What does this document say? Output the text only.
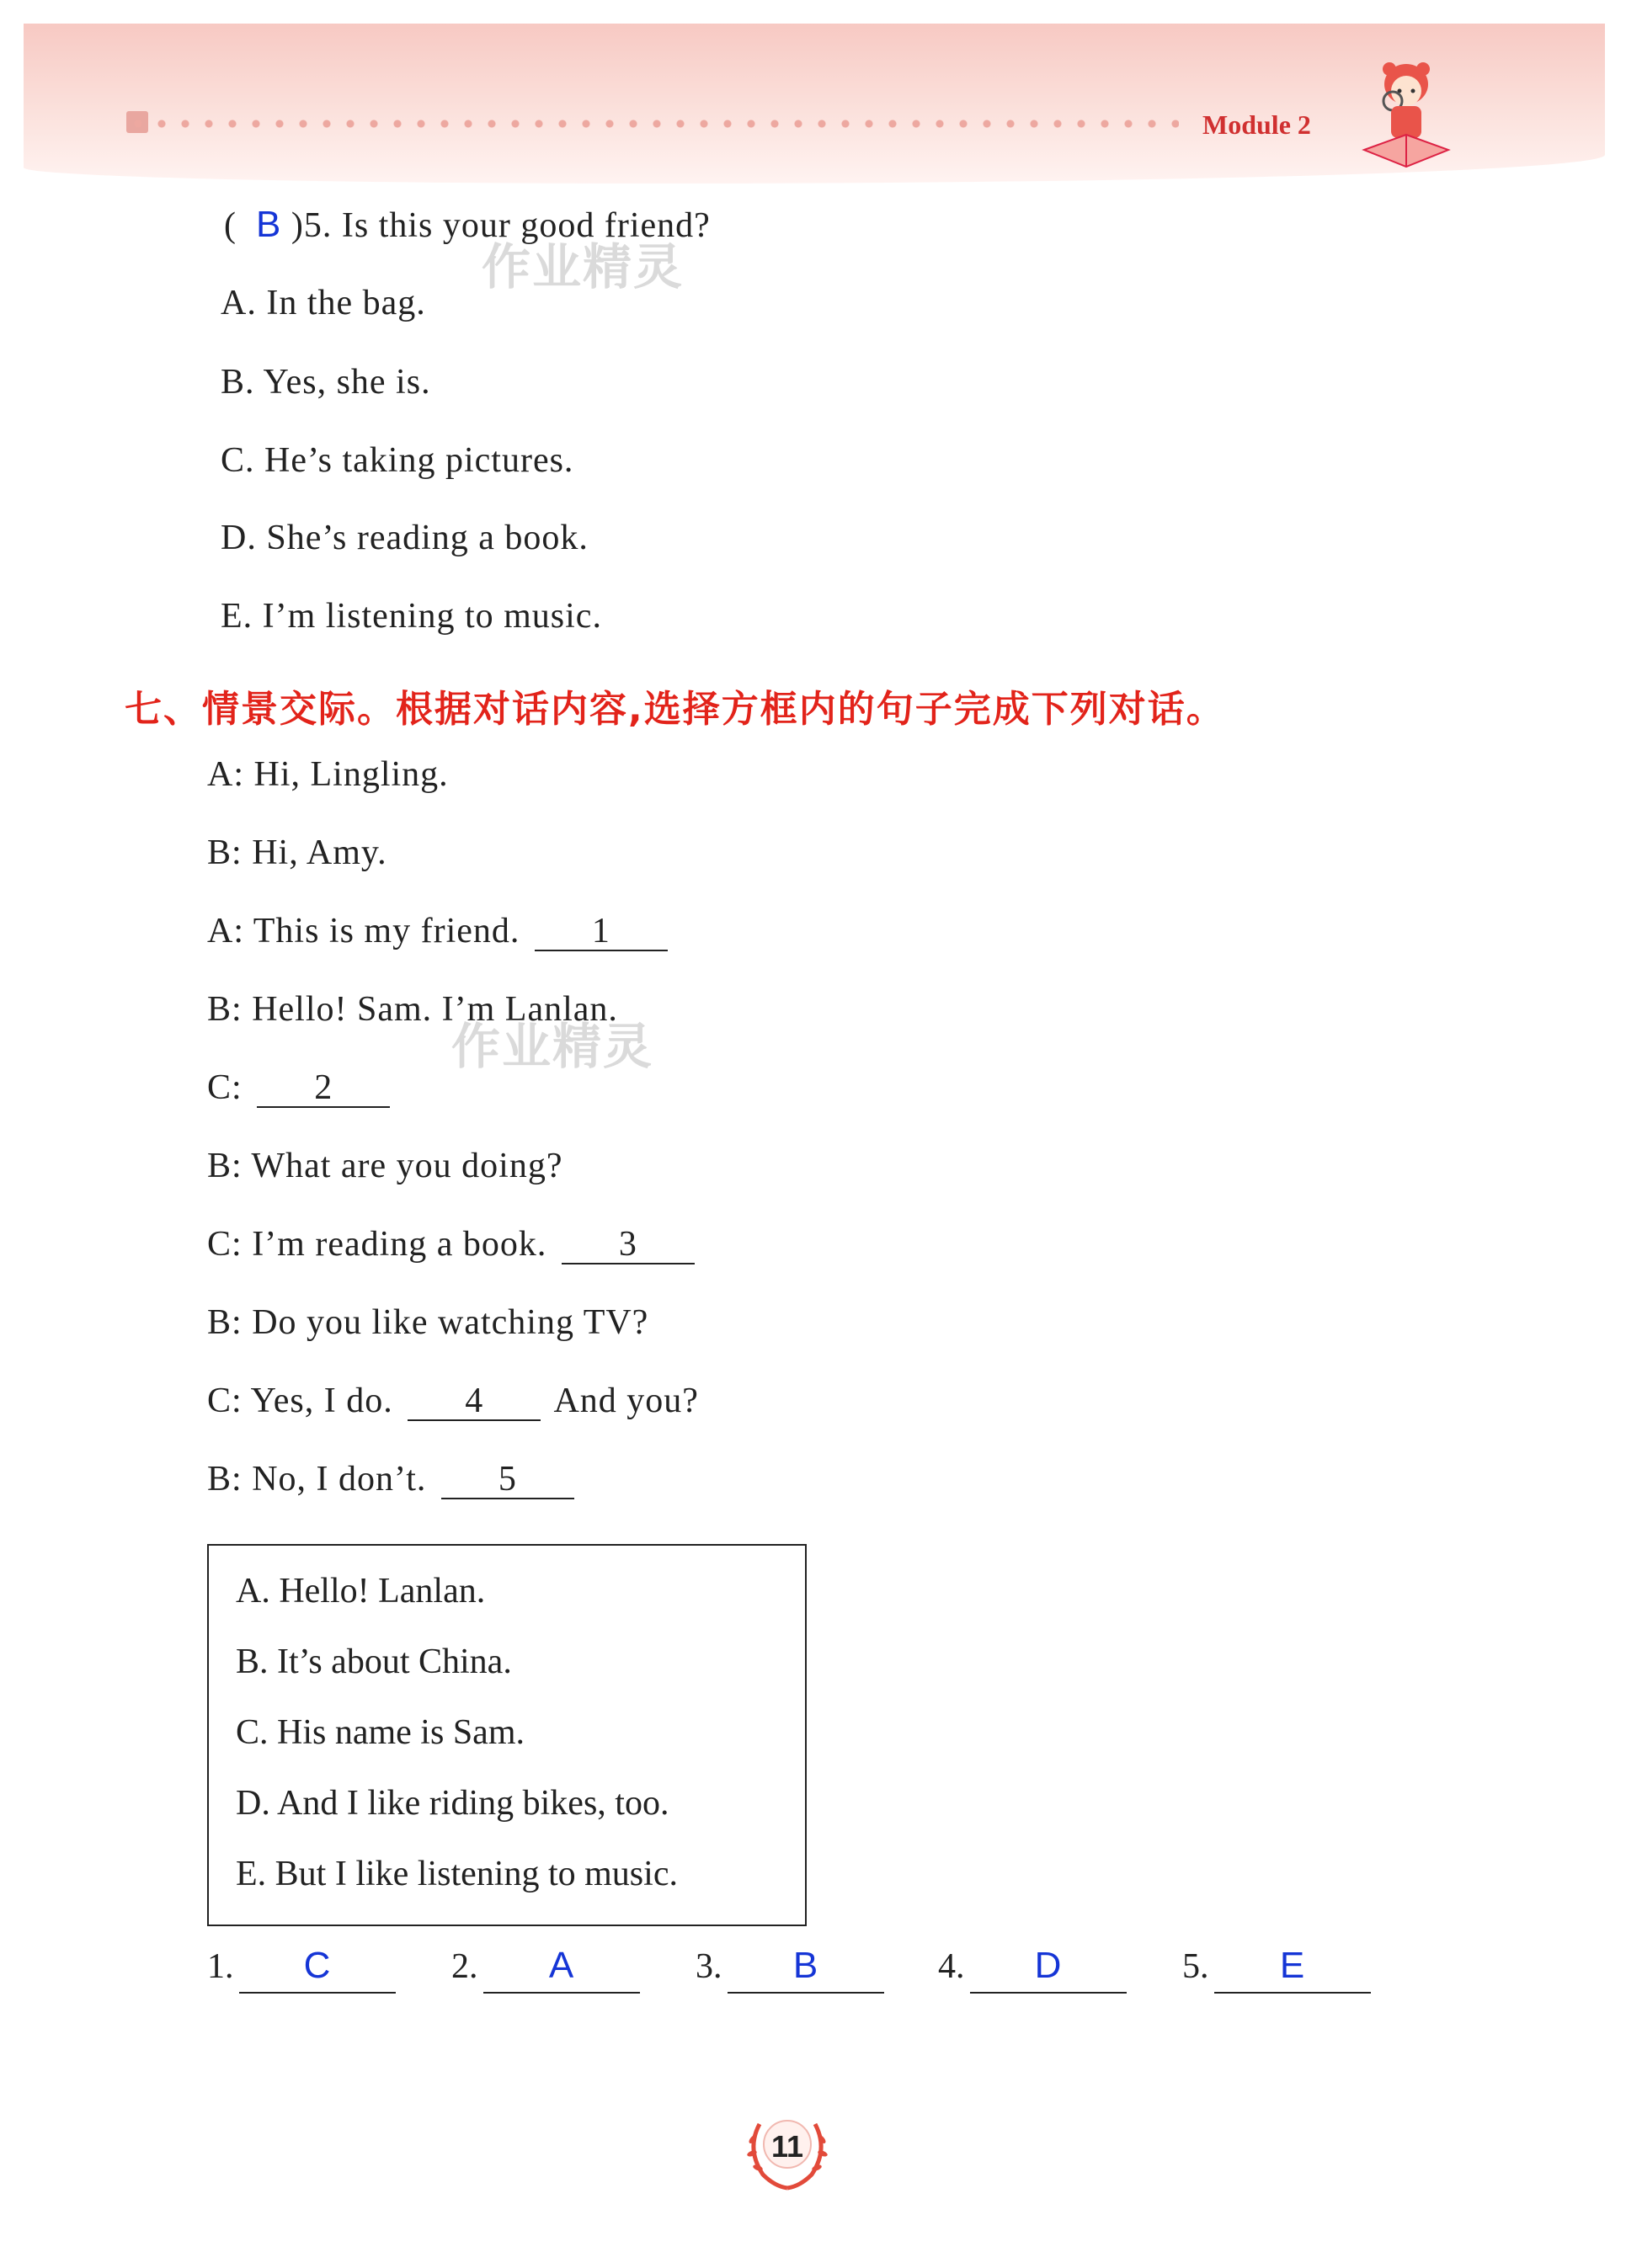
Module 2
( B )5. Is this your good friend?
A. In the bag.
B. Yes, she is.
C. He’s taking pictures.
D. She’s reading a book.
E. I’m listening to music.
七、情景交际。根据对话内容,选择方框内的句子完成下列对话。
A: Hi, Lingling.
B: Hi, Amy.
A: This is my friend. 1
B: Hello! Sam. I’m Lanlan.
C: 2
B: What are you doing?
C: I’m reading a book. 3
B: Do you like watching TV?
C: Yes, I do. 4 And you?
B: No, I don’t. 5
A. Hello! Lanlan.
B. It’s about China.
C. His name is Sam.
D. And I like riding bikes, too.
E. But I like listening to music.
1. C	2. A	3. B	4. D	5. E
作业精灵
作业精灵
11
